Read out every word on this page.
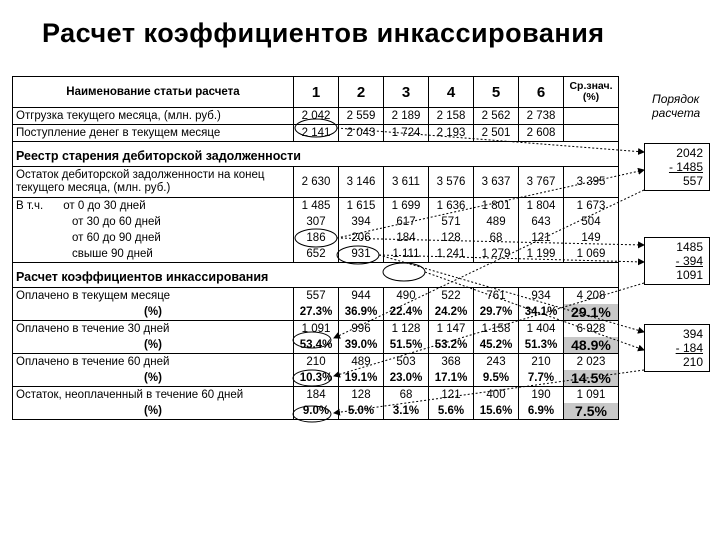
Расчет коэффициентов инкассирования
Наименование статьи расчета	1	2	3	4	5	6	Ср.знач. (%)
Отгрузка текущего месяца, (млн. руб.)	2 042	2 559	2 189	2 158	2 562	2 738	
Поступление денег в текущем месяце	2 141	2 043	1 724	2 193	2 501	2 608	
Реестр старения дебиторской задолженности							
Остаток дебиторской задолженности на конец текущего месяца, (млн. руб.)	2 630	3 146	3 611	3 576	3 637	3 767	3 395
В т.ч. от 0 до 30 дней	1 485	1 615	1 699	1 636	1 801	1 804	1 673
от 30 до 60 дней	307	394	617	571	489	643	504
от 60 до 90 дней	186	206	184	128	68	121	149
свыше 90 дней	652	931	1 111	1 241	1 279	1 199	1 069
Расчет коэффициентов инкассирования							
Оплачено в текущем месяце	557	944	490	522	761	934	4 208
(%)	27.3%	36.9%	22.4%	24.2%	29.7%	34.1%	29.1%
Оплачено в течение 30 дней	1 091	996	1 128	1 147	1 158	1 404	6 928
(%)	53.4%	39.0%	51.5%	53.2%	45.2%	51.3%	48.9%
Оплачено в течение 60 дней	210	489	503	368	243	210	2 023
(%)	10.3%	19.1%	23.0%	17.1%	9.5%	7.7%	14.5%
Остаток, неоплаченный в течение 60 дней	184	128	68	121	400	190	1 091
(%)	9.0%	5.0%	3.1%	5.6%	15.6%	6.9%	7.5%
Порядок расчета
2042
- 1485
557
1485
- 394
1091
394
- 184
210
